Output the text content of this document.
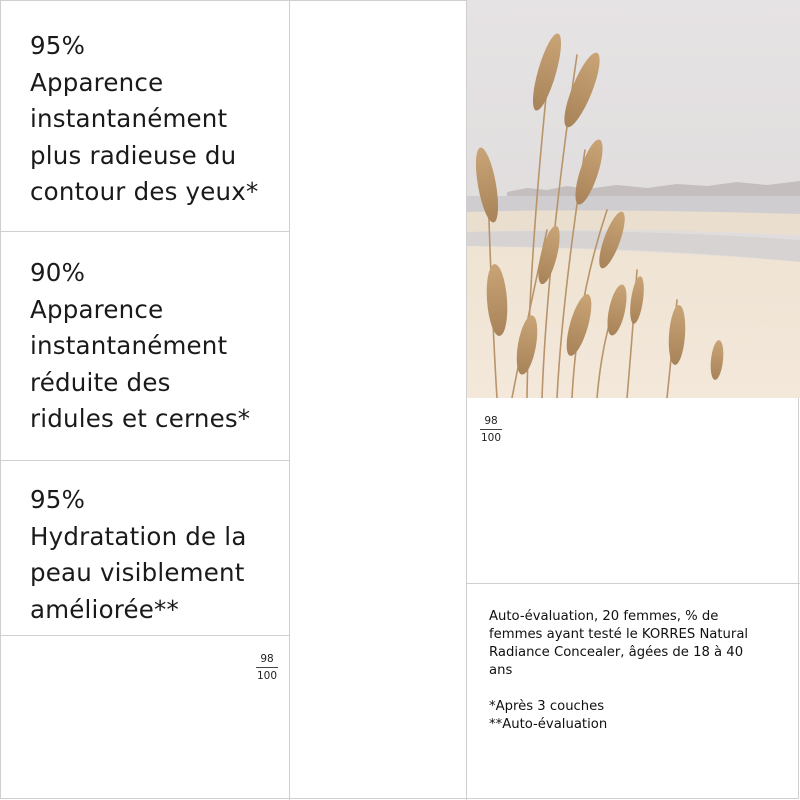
95%
Apparence
instantanément
plus radieuse du
contour des yeux*
90%
Apparence
instantanément
réduite des
ridules et cernes*
95%
Hydratation de la
peau visiblement
améliorée**
98
100
98
100
Auto-évaluation, 20 femmes, % de
femmes ayant testé le KORRES Natural
Radiance Concealer, âgées de 18 à 40
ans
*Après 3 couches
**Auto-évaluation
